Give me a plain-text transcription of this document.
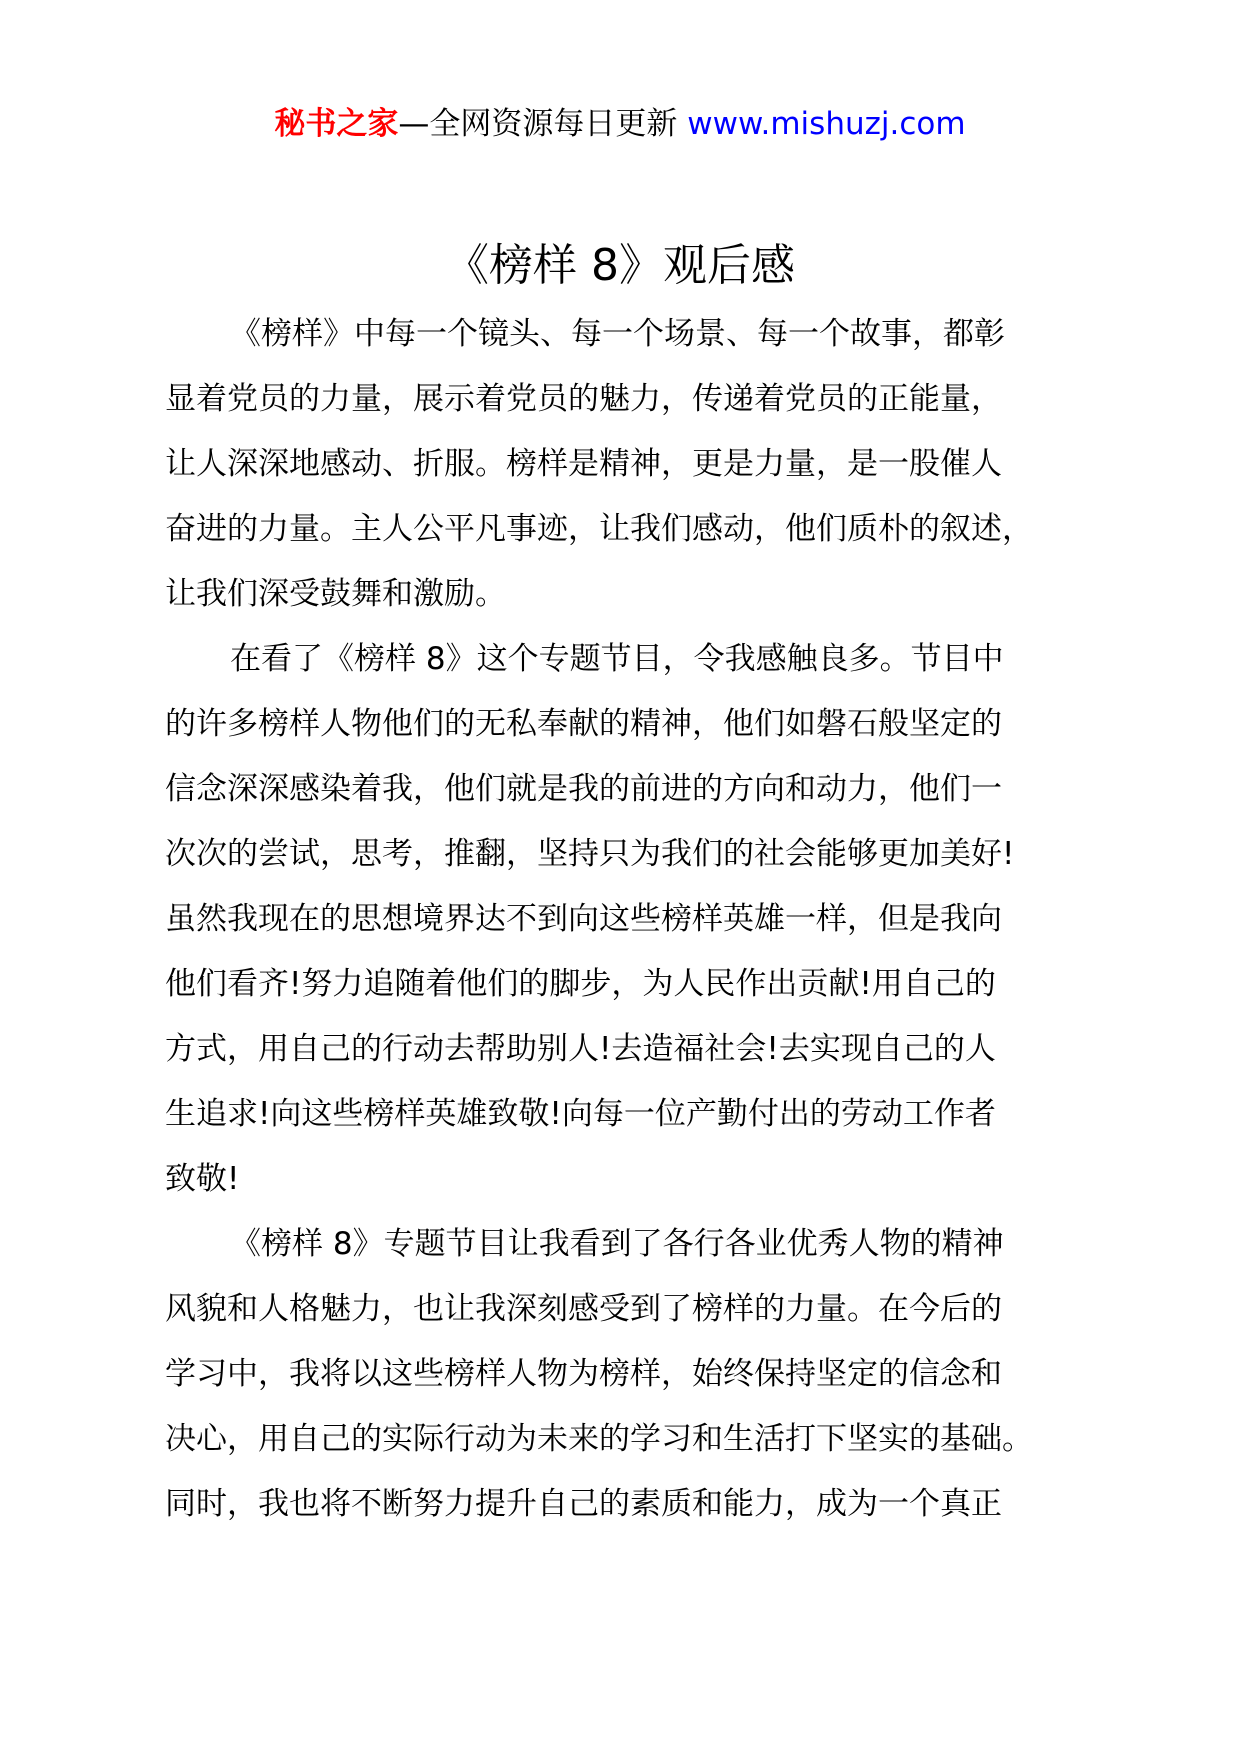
秘书之家—全网资源每日更新 www.mishuzj.com
《榜样 8》观后感
《榜样》中每一个镜头、每一个场景、每一个故事，都彰
显着党员的力量，展示着党员的魅力，传递着党员的正能量，
让人深深地感动、折服。榜样是精神，更是力量，是一股催人
奋进的力量。主人公平凡事迹，让我们感动，他们质朴的叙述，
让我们深受鼓舞和激励。
在看了《榜样 8》这个专题节目，令我感触良多。节目中
的许多榜样人物他们的无私奉献的精神，他们如磐石般坚定的
信念深深感染着我，他们就是我的前进的方向和动力，他们一
次次的尝试，思考，推翻，坚持只为我们的社会能够更加美好!
虽然我现在的思想境界达不到向这些榜样英雄一样，但是我向
他们看齐!努力追随着他们的脚步，为人民作出贡献!用自己的
方式，用自己的行动去帮助别人!去造福社会!去实现自己的人
生追求!向这些榜样英雄致敬!向每一位产勤付出的劳动工作者
致敬!
《榜样 8》专题节目让我看到了各行各业优秀人物的精神
风貌和人格魅力，也让我深刻感受到了榜样的力量。在今后的
学习中，我将以这些榜样人物为榜样，始终保持坚定的信念和
决心，用自己的实际行动为未来的学习和生活打下坚实的基础。
同时，我也将不断努力提升自己的素质和能力，成为一个真正
